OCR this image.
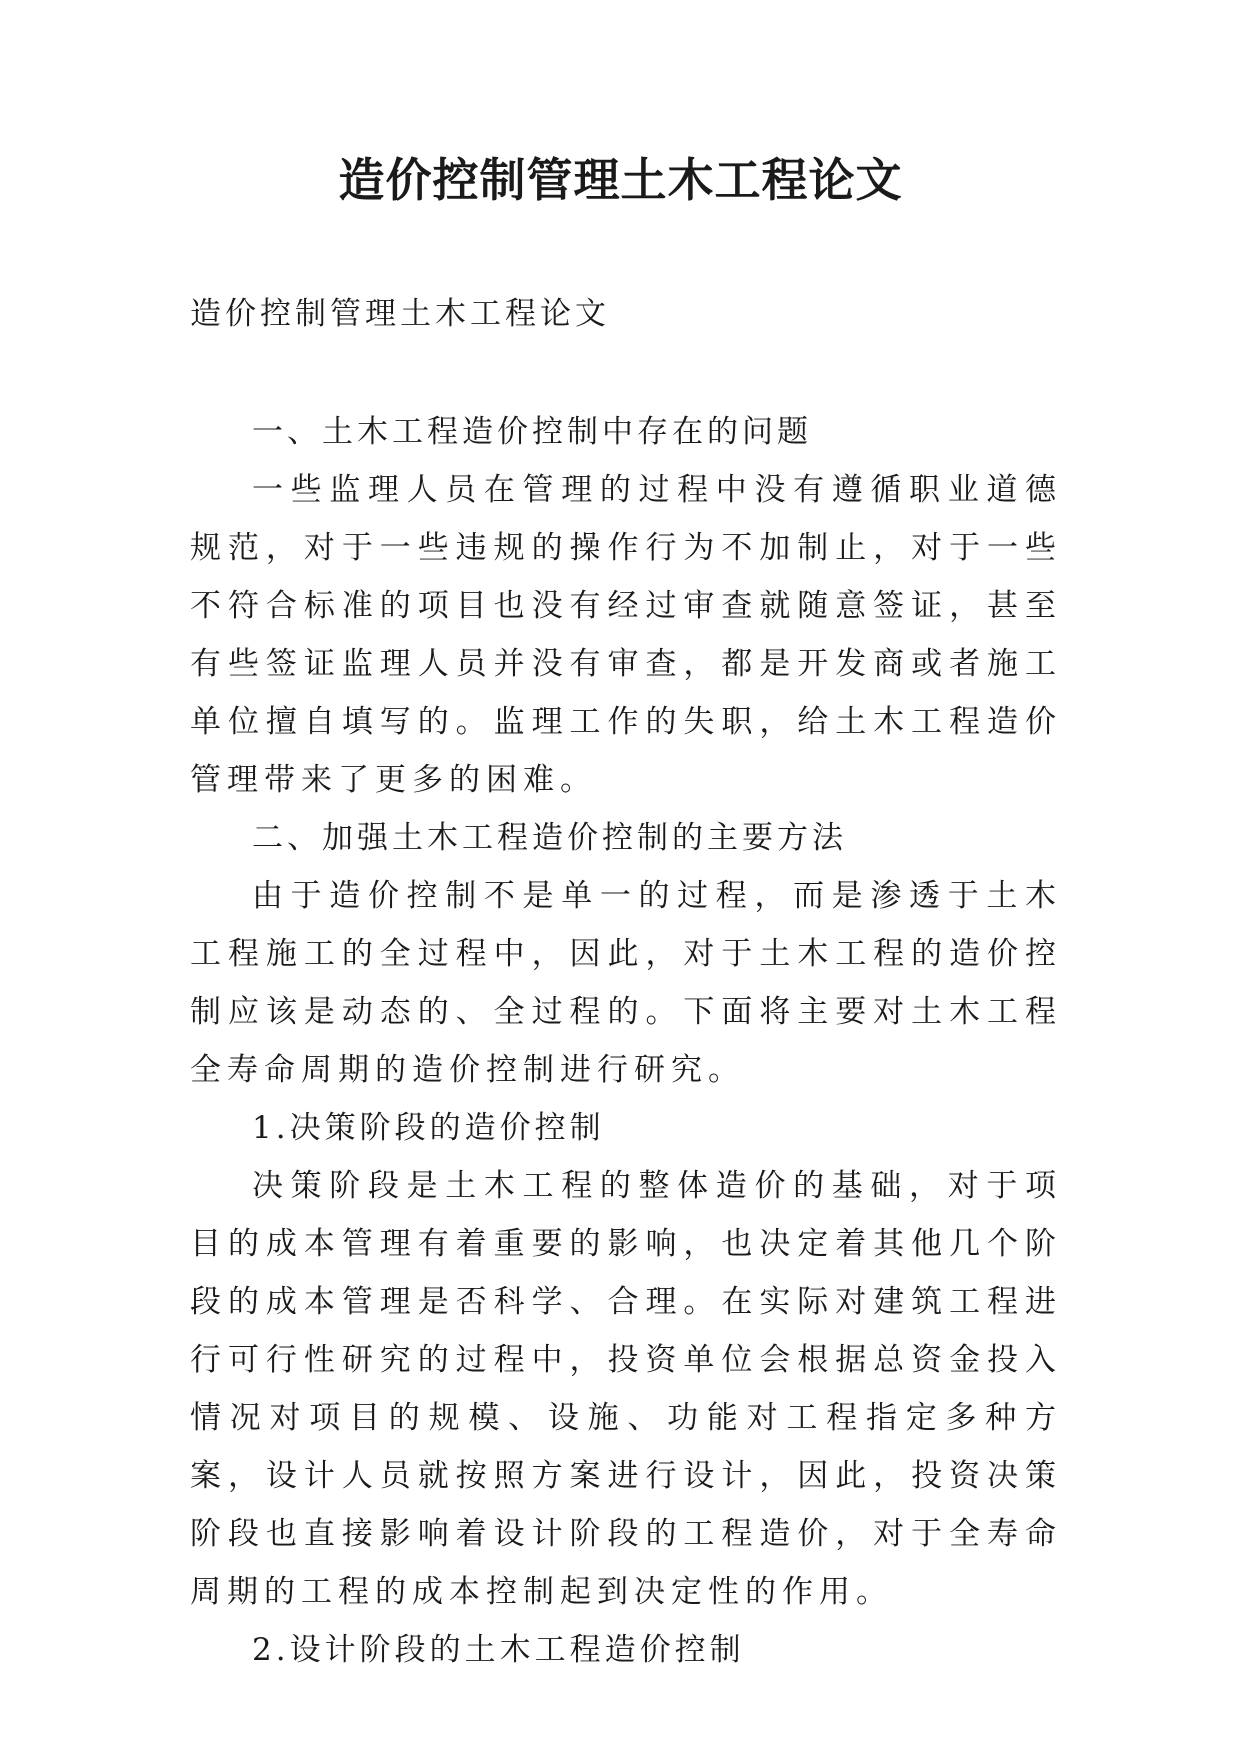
造价控制管理土木工程论文
造价控制管理土木工程论文

一、土木工程造价控制中存在的问题

一些监理人员在管理的过程中没有遵循职业道德规范，对于一些违规的操作行为不加制止，对于一些不符合标准的项目也没有经过审查就随意签证，甚至有些签证监理人员并没有审查，都是开发商或者施工单位擅自填写的。监理工作的失职，给土木工程造价管理带来了更多的困难。

二、加强土木工程造价控制的主要方法

由于造价控制不是单一的过程，而是渗透于土木工程施工的全过程中，因此，对于土木工程的造价控制应该是动态的、全过程的。下面将主要对土木工程全寿命周期的造价控制进行研究。

1.决策阶段的造价控制

决策阶段是土木工程的整体造价的基础，对于项目的成本管理有着重要的影响，也决定着其他几个阶段的成本管理是否科学、合理。在实际对建筑工程进行可行性研究的过程中，投资单位会根据总资金投入情况对项目的规模、设施、功能对工程指定多种方案，设计人员就按照方案进行设计，因此，投资决策阶段也直接影响着设计阶段的工程造价，对于全寿命周期的工程的成本控制起到决定性的作用。

2.设计阶段的土木工程造价控制
